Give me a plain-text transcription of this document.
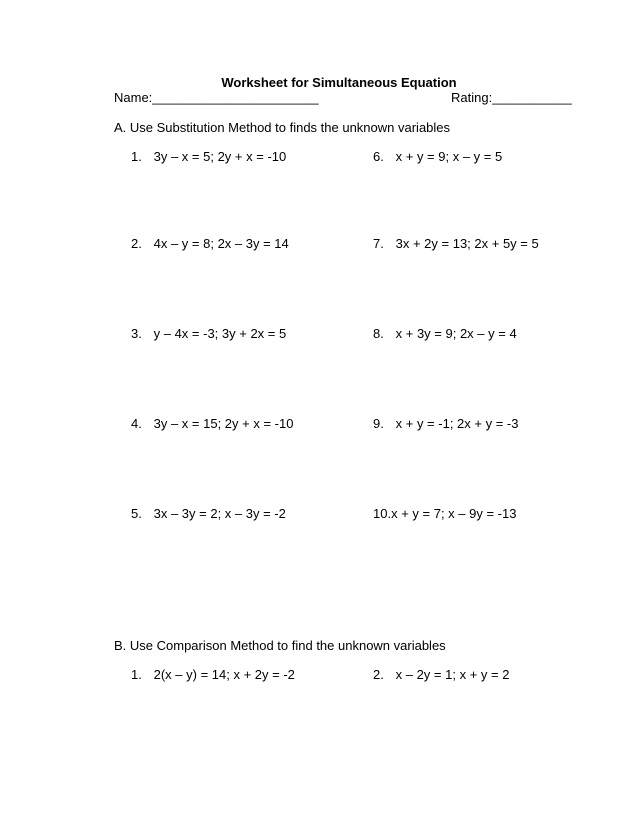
Worksheet for Simultaneous Equation
Name:_______________________	Rating:___________
A. Use Substitution Method to finds the unknown variables
1. 3y – x = 5; 2y + x = -10	6. x + y = 9; x – y = 5
2. 4x – y = 8; 2x – 3y = 14	7. 3x + 2y = 13; 2x + 5y = 5
3. y – 4x = -3; 3y + 2x = 5	8. x + 3y = 9; 2x – y = 4
4. 3y – x = 15; 2y + x = -10	9. x + y = -1; 2x + y = -3
5. 3x – 3y = 2; x – 3y = -2	10.x + y = 7; x – 9y = -13
B. Use Comparison Method to find the unknown variables
1. 2(x – y) = 14; x + 2y = -2	2. x – 2y = 1; x + y = 2
